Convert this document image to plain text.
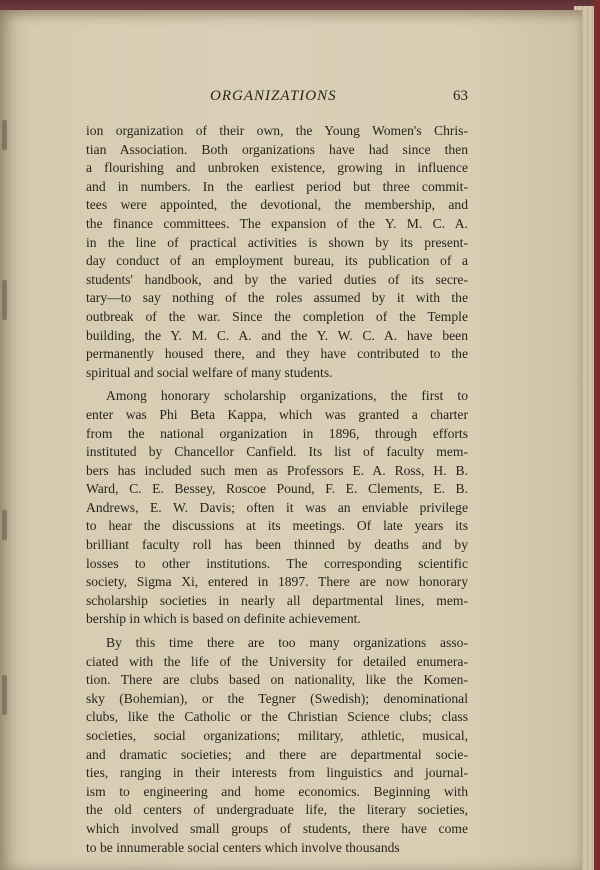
ORGANIZATIONS	63
ion organization of their own, the Young Women's Chris-
tian Association. Both organizations have had since then
a flourishing and unbroken existence, growing in influence
and in numbers. In the earliest period but three commit-
tees were appointed, the devotional, the membership, and
the finance committees. The expansion of the Y. M. C. A.
in the line of practical activities is shown by its present-
day conduct of an employment bureau, its publication of a
students' handbook, and by the varied duties of its secre-
tary—to say nothing of the roles assumed by it with the
outbreak of the war. Since the completion of the Temple
building, the Y. M. C. A. and the Y. W. C. A. have been
permanently housed there, and they have contributed to the
spiritual and social welfare of many students.
Among honorary scholarship organizations, the first to
enter was Phi Beta Kappa, which was granted a charter
from the national organization in 1896, through efforts
instituted by Chancellor Canfield. Its list of faculty mem-
bers has included such men as Professors E. A. Ross, H. B.
Ward, C. E. Bessey, Roscoe Pound, F. E. Clements, E. B.
Andrews, E. W. Davis; often it was an enviable privilege
to hear the discussions at its meetings. Of late years its
brilliant faculty roll has been thinned by deaths and by
losses to other institutions. The corresponding scientific
society, Sigma Xi, entered in 1897. There are now honorary
scholarship societies in nearly all departmental lines, mem-
bership in which is based on definite achievement.
By this time there are too many organizations asso-
ciated with the life of the University for detailed enumera-
tion. There are clubs based on nationality, like the Komen-
sky (Bohemian), or the Tegner (Swedish); denominational
clubs, like the Catholic or the Christian Science clubs; class
societies, social organizations; military, athletic, musical,
and dramatic societies; and there are departmental socie-
ties, ranging in their interests from linguistics and journal-
ism to engineering and home economics. Beginning with
the old centers of undergraduate life, the literary societies,
which involved small groups of students, there have come
to be innumerable social centers which involve thousands
